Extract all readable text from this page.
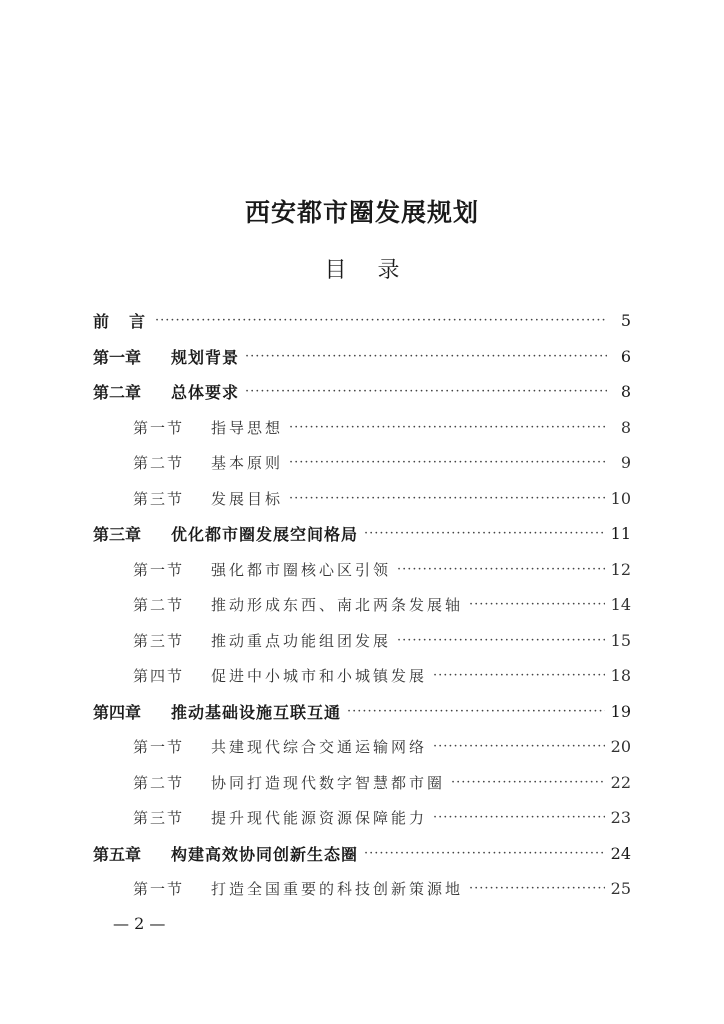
西安都市圈发展规划
目 录
前言 ·····	5
第一章	规划背景 ·····	6
第二章	总体要求 ·····	8
第一节	指导思想 ·····	8
第二节	基本原则 ·····	9
第三节	发展目标 ·····	10
第三章	优化都市圈发展空间格局 ·····	11
第一节	强化都市圈核心区引领 ·····	12
第二节	推动形成东西、南北两条发展轴 ·····	14
第三节	推动重点功能组团发展 ·····	15
第四节	促进中小城市和小城镇发展 ·····	18
第四章	推动基础设施互联互通 ·····	19
第一节	共建现代综合交通运输网络 ·····	20
第二节	协同打造现代数字智慧都市圈 ·····	22
第三节	提升现代能源资源保障能力 ·····	23
第五章	构建高效协同创新生态圈 ·····	24
第一节	打造全国重要的科技创新策源地 ·····	25
— 2 —
